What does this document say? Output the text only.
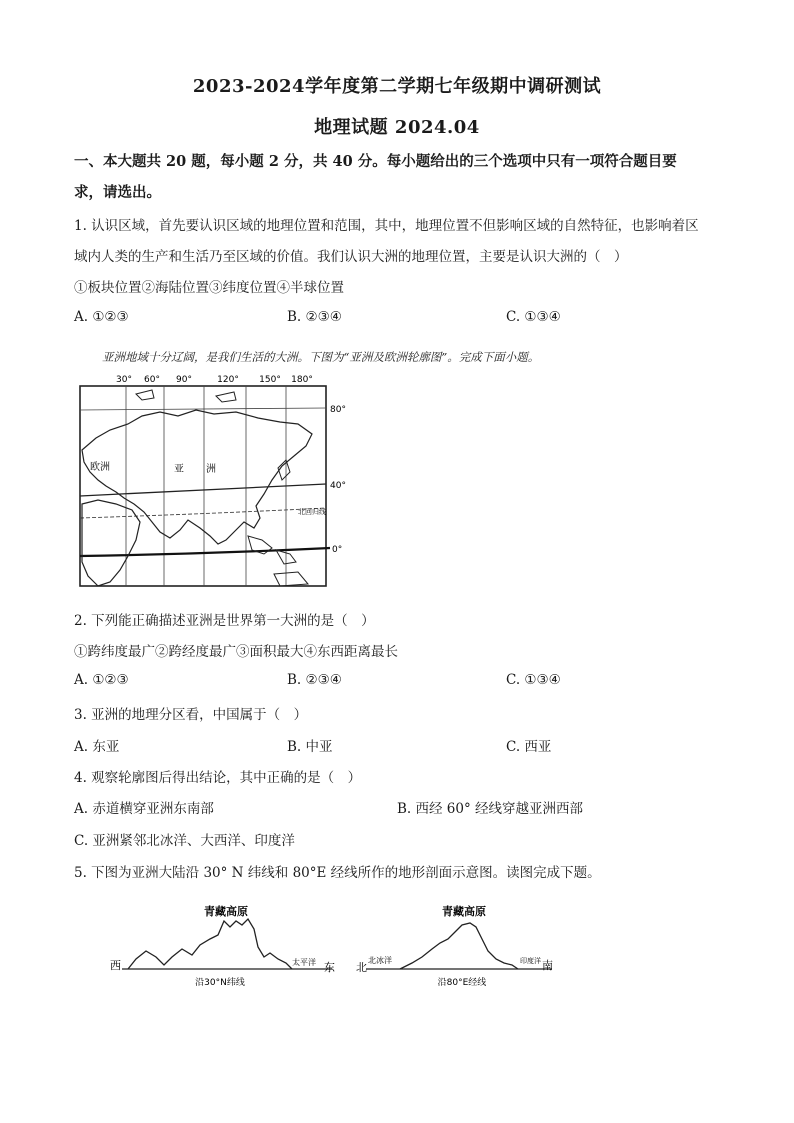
2023-2024学年度第二学期七年级期中调研测试
地理试题 2024.04
一、本大题共 20 题，每小题 2 分，共 40 分。每小题给出的三个选项中只有一项符合题目要
求，请选出。
1. 认识区域，首先要认识区域的地理位置和范围，其中，地理位置不但影响区域的自然特征，也影响着区
域内人类的生产和生活乃至区域的价值。我们认识大洲的地理位置，主要是认识大洲的（　）
①板块位置②海陆位置③纬度位置④半球位置
A. ①②③	B. ②③④	C. ①③④
亚洲地域十分辽阔，是我们生活的大洲。下图为“亚洲及欧洲轮廓图”。完成下面小题。
30° 60° 90°	120° 150° 180°
80°
40°
0°
欧洲	亚 洲
北回归线
2. 下列能正确描述亚洲是世界第一大洲的是（　）
①跨纬度最广②跨经度最广③面积最大④东西距离最长
A. ①②③	B. ②③④	C. ①③④
3. 亚洲的地理分区看，中国属于（　）
A. 东亚	B. 中亚	C. 西亚
4. 观察轮廓图后得出结论，其中正确的是（　）
A. 赤道横穿亚洲东南部	B. 西经 60° 经线穿越亚洲西部
C. 亚洲紧邻北冰洋、大西洋、印度洋
5. 下图为亚洲大陆沿 30° N 纬线和 80°E 经线所作的地形剖面示意图。读图完成下题。
青藏高原
西	东
太平洋
沿30°N纬线
青藏高原
北	南
北冰洋	印度洋
沿80°E经线
